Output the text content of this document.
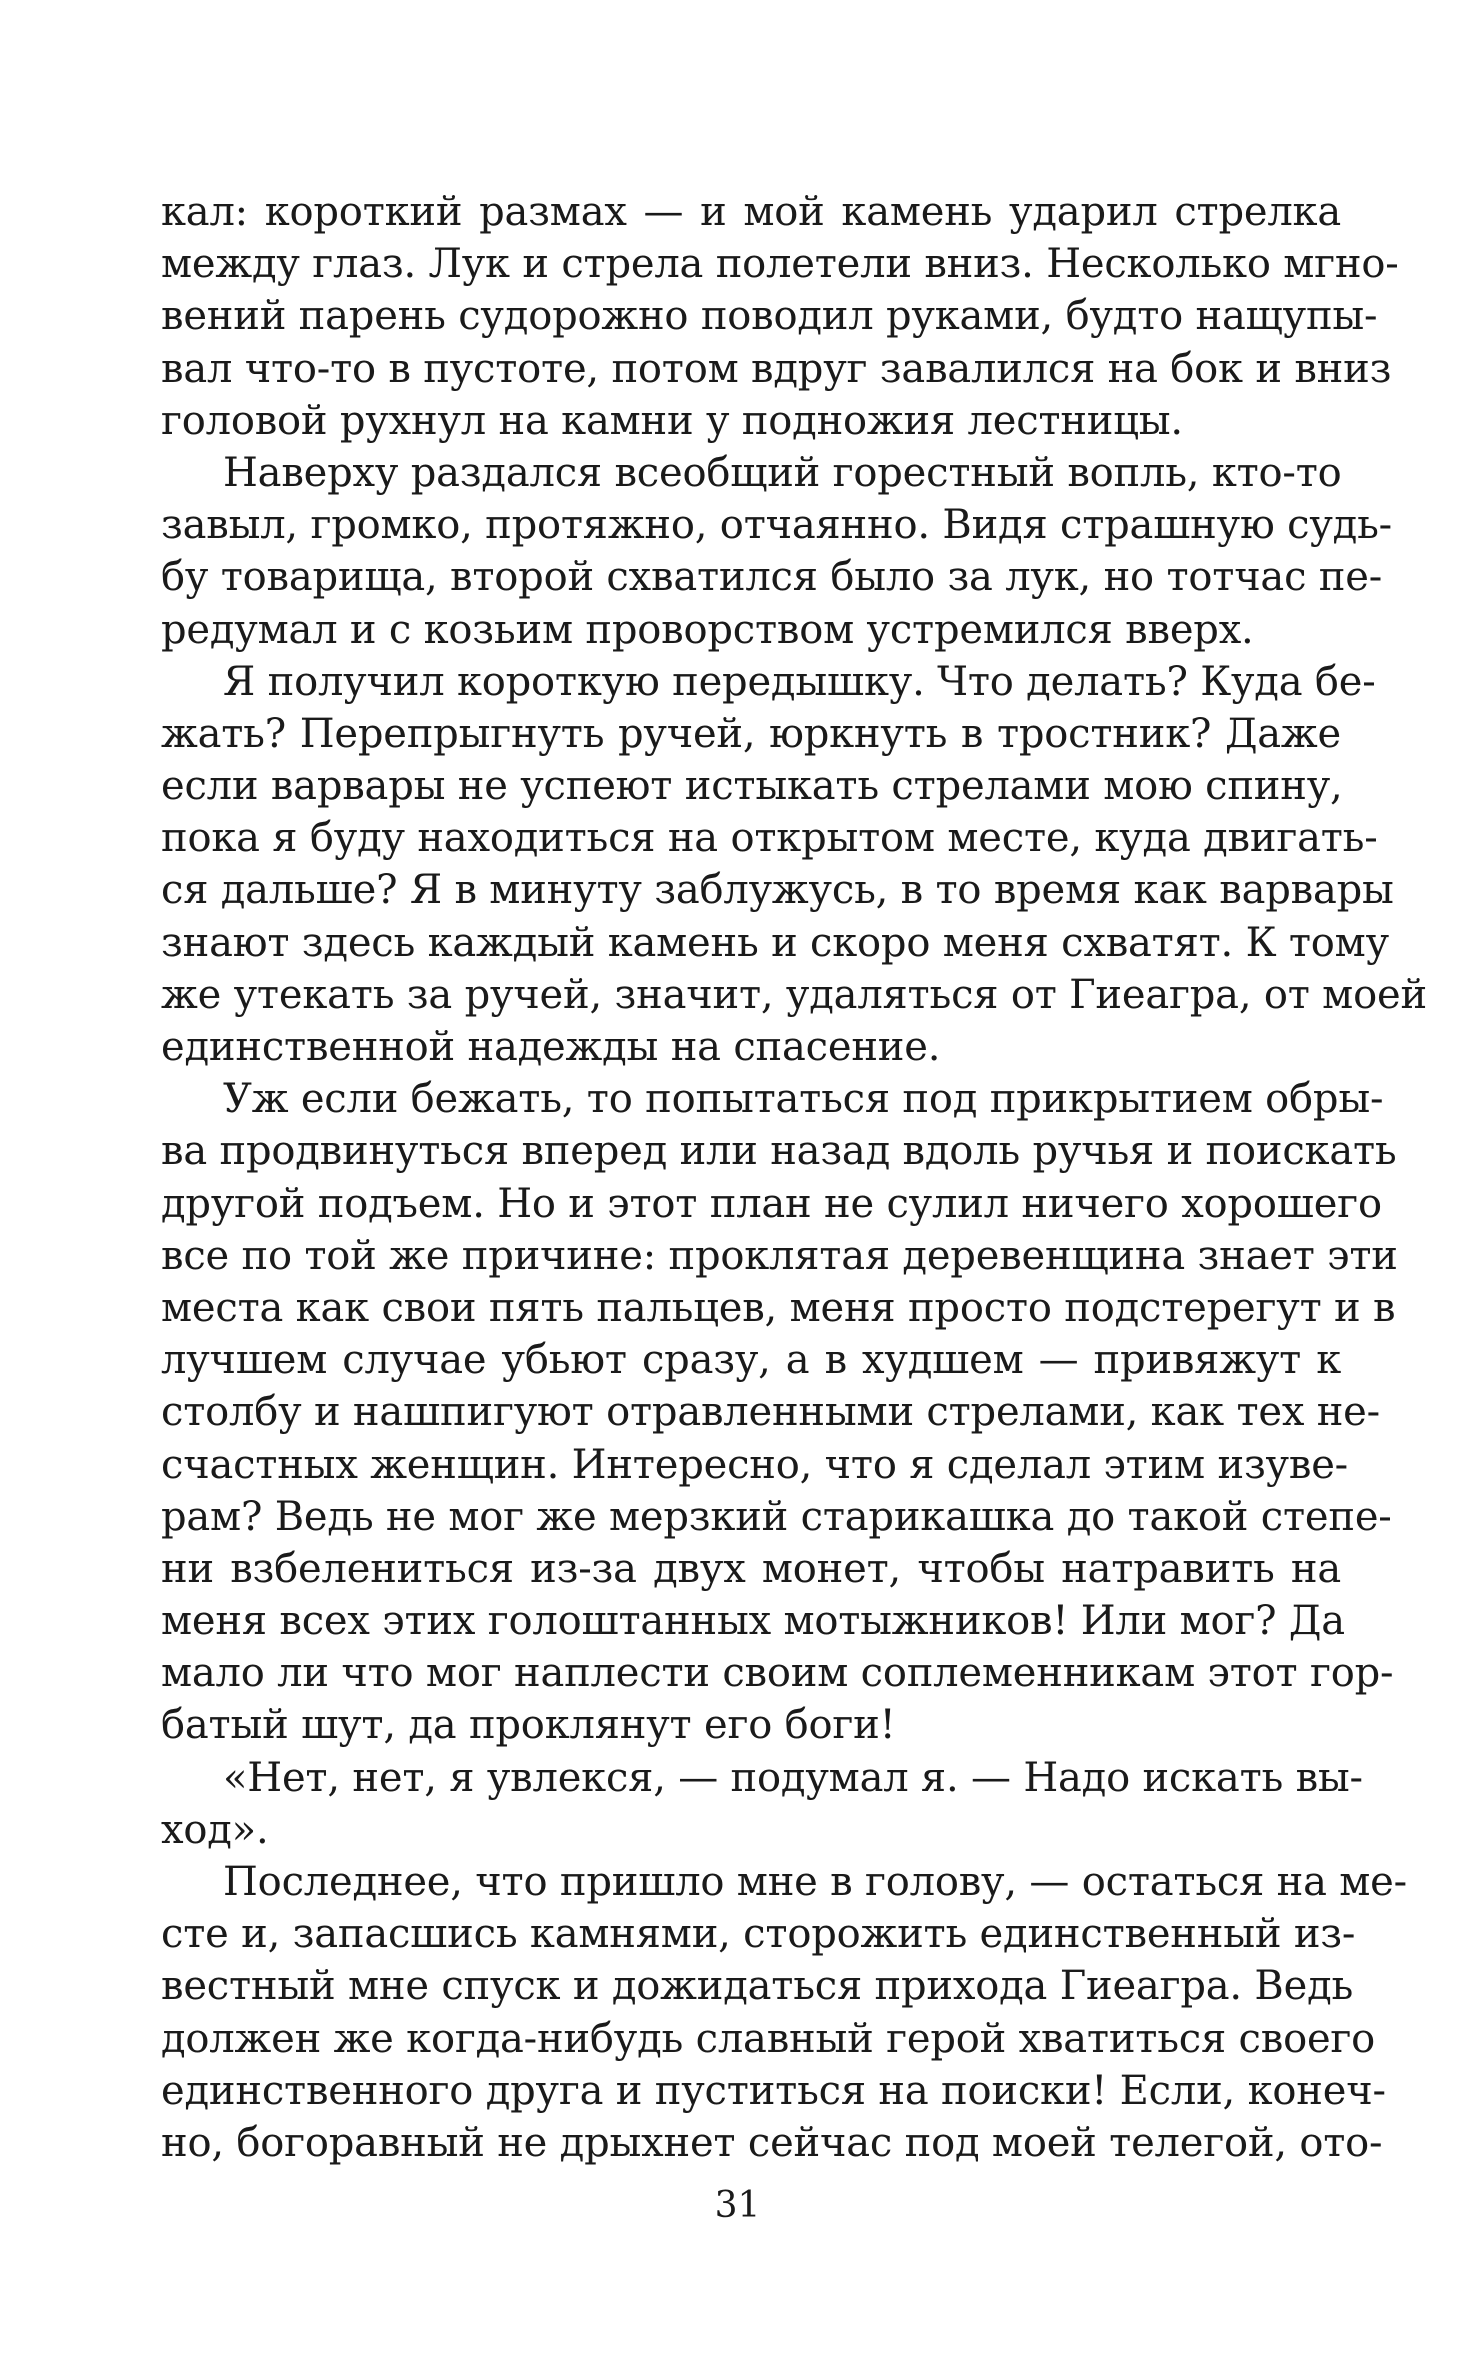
кал: короткий размах — и мой камень ударил стрелка
между глаз. Лук и стрела полетели вниз. Несколько мгно-
вений парень судорожно поводил руками, будто нащупы-
вал что-то в пустоте, потом вдруг завалился на бок и вниз
головой рухнул на камни у подножия лестницы.
Наверху раздался всеобщий горестный вопль, кто-то
завыл, громко, протяжно, отчаянно. Видя страшную судь-
бу товарища, второй схватился было за лук, но тотчас пе-
редумал и с козьим проворством устремился вверх.
Я получил короткую передышку. Что делать? Куда бе-
жать? Перепрыгнуть ручей, юркнуть в тростник? Даже
если варвары не успеют истыкать стрелами мою спину,
пока я буду находиться на открытом месте, куда двигать-
ся дальше? Я в минуту заблужусь, в то время как варвары
знают здесь каждый камень и скоро меня схватят. К тому
же утекать за ручей, значит, удаляться от Гиеагра, от моей
единственной надежды на спасение.
Уж если бежать, то попытаться под прикрытием обры-
ва продвинуться вперед или назад вдоль ручья и поискать
другой подъем. Но и этот план не сулил ничего хорошего
все по той же причине: проклятая деревенщина знает эти
места как свои пять пальцев, меня просто подстерегут и в
лучшем случае убьют сразу, а в худшем — привяжут к
столбу и нашпигуют отравленными стрелами, как тех не-
счастных женщин. Интересно, что я сделал этим изуве-
рам? Ведь не мог же мерзкий старикашка до такой степе-
ни взбелениться из-за двух монет, чтобы натравить на
меня всех этих голоштанных мотыжников! Или мог? Да
мало ли что мог наплести своим соплеменникам этот гор-
батый шут, да проклянут его боги!
«Нет, нет, я увлекся, — подумал я. — Надо искать вы-
ход».
Последнее, что пришло мне в голову, — остаться на ме-
сте и, запасшись камнями, сторожить единственный из-
вестный мне спуск и дожидаться прихода Гиеагра. Ведь
должен же когда-нибудь славный герой хватиться своего
единственного друга и пуститься на поиски! Если, конеч-
но, богоравный не дрыхнет сейчас под моей телегой, ото-
31
